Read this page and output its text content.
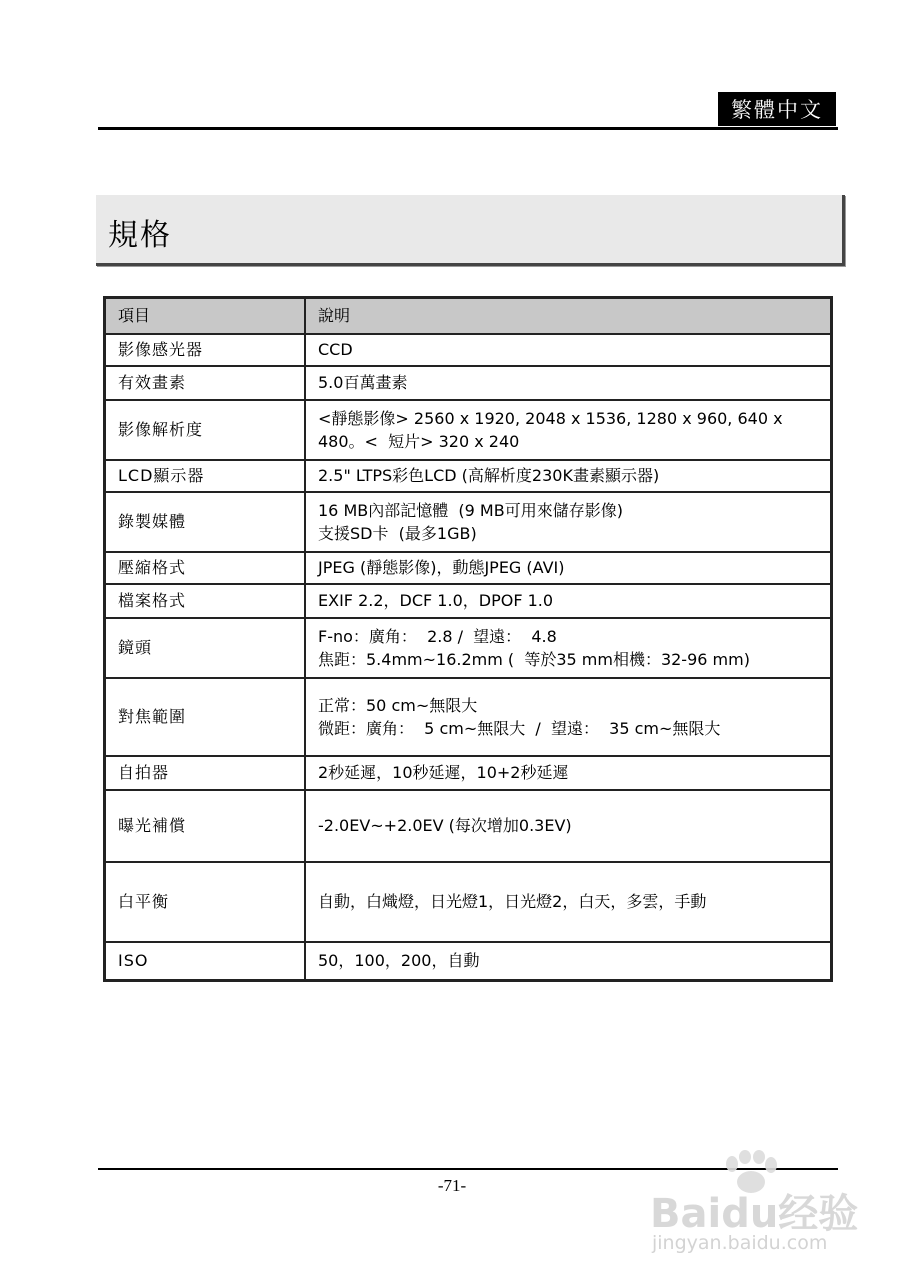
繁體中文
規格
項目	說明
影像感光器	CCD

有效畫素	5.0百萬畫素

影像解析度	<靜態影像> 2560 x 1920, 2048 x 1536, 1280 x 960, 640 x
480。<  短片> 320 x 240

LCD顯示器	2.5" LTPS彩色LCD (高解析度230K畫素顯示器)

錄製媒體	16 MB內部記憶體  (9 MB可用來儲存影像)
支援SD卡  (最多1GB)

壓縮格式	JPEG (靜態影像)，動態JPEG (AVI)

檔案格式	EXIF 2.2，DCF 1.0，DPOF 1.0

鏡頭	F-no：廣角：  2.8 /  望遠：  4.8
焦距：5.4mm~16.2mm (  等於35 mm相機：32-96 mm)

對焦範圍	正常：50 cm~無限大
微距：廣角：  5 cm~無限大  /  望遠：  35 cm~無限大

自拍器	2秒延遲，10秒延遲，10+2秒延遲

曝光補償	-2.0EV~+2.0EV (每次增加0.3EV)

白平衡	自動，白熾燈，日光燈1，日光燈2，白天，多雲，手動

ISO	50，100，200，自動
-71-
Baidu经验
jingyan.baidu.com
